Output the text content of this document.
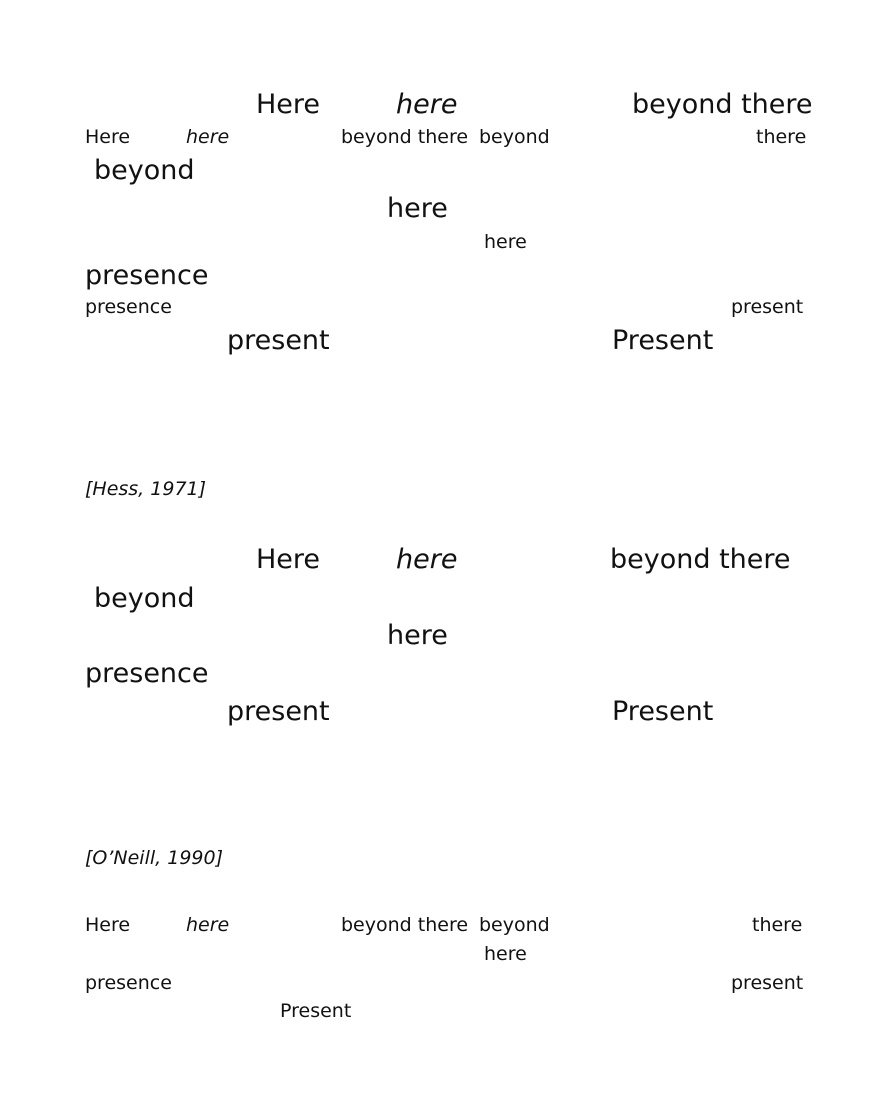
Here	here	beyond there
Here	here	beyond there beyond	there
beyond
here
here
presence
presence	present
present	Present
[Hess, 1971]
Here	here	beyond there
beyond
here
presence
present	Present
[O’Neill, 1990]
Here	here	beyond there beyond	there
here
presence	present
Present
